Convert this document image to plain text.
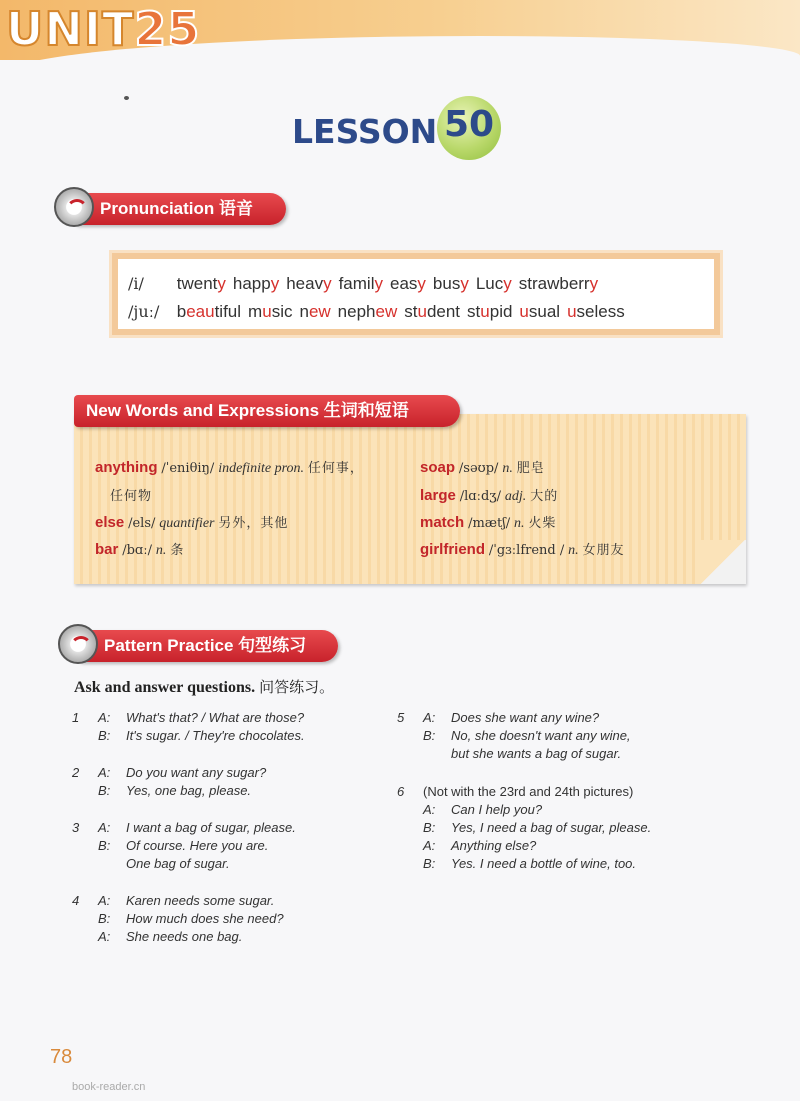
UNIT25
LESSON 50
Pronunciation 语音
/i/ twenty happy heavy family easy busy Lucy strawberry
/juː/ beautiful music new nephew student stupid usual useless
New Words and Expressions 生词和短语
anything /ˈeniθiŋ/ indefinite pron. 任何事，
任何物
else /els/ quantifier 另外，其他
bar /bɑː/ n. 条
soap /səʊp/ n. 肥皂
large /lɑːdʒ/ adj. 大的
match /mætʃ/ n. 火柴
girlfriend /ˈgɜːlfrend / n. 女朋友
Pattern Practice 句型练习
Ask and answer questions. 问答练习。
1 A: What's that? / What are those?
B: It's sugar. / They're chocolates.
2 A: Do you want any sugar?
B: Yes, one bag, please.
3 A: I want a bag of sugar, please.
B: Of course. Here you are.
One bag of sugar.
4 A: Karen needs some sugar.
B: How much does she need?
A: She needs one bag.
5 A: Does she want any wine?
B: No, she doesn't want any wine,
but she wants a bag of sugar.
6 (Not with the 23rd and 24th pictures)
A: Can I help you?
B: Yes, I need a bag of sugar, please.
A: Anything else?
B: Yes. I need a bottle of wine, too.
78
book-reader.cn
